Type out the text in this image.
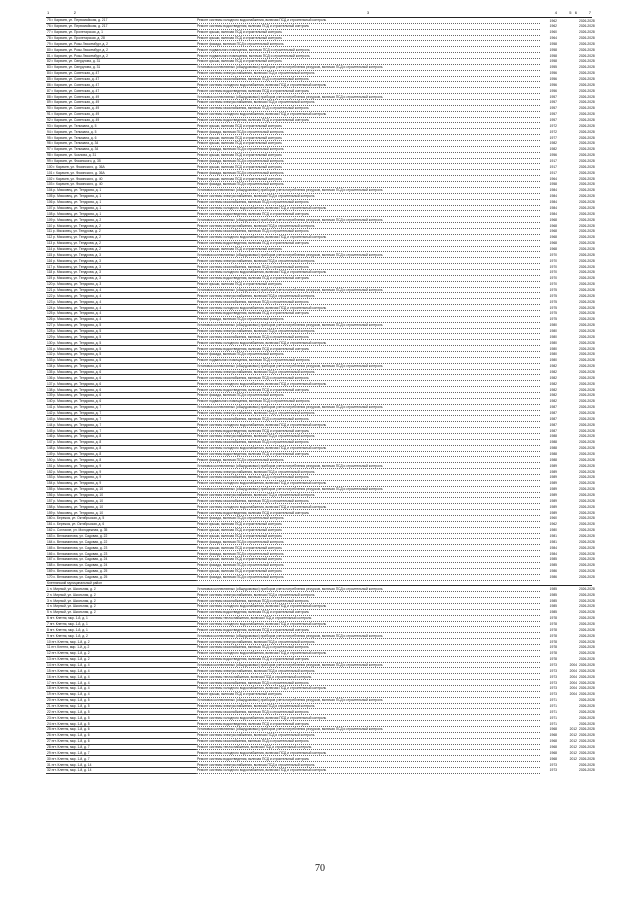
1 2	3	4	5 6	7
75 г. Карачев, ул. Первомайская, д. 217	Ремонт системы холодного водоснабжения, включая ПСД и строительный контроль	1962		2026-2028
76 г. Карачев, ул. Первомайская, д. 217	Ремонт системы водоотведения, включая ПСД и строительный контроль	1962		2026-2028
77 г. Карачев, ул. Пролетарская, д. 1	Ремонт крыши, включая ПСД и строительный контроль	1960		2026-2028
78 г. Карачев, ул. Пролетарская, д. 28	Ремонт крыши, включая ПСД и строительный контроль	1964		2026-2028
79 г. Карачев, ул. Розы Люксембург, д. 2	Ремонт фасада, включая ПСД и строительный контроль	1958		2026-2028
80 г. Карачев, ул. Розы Люксембург, д. 2	Ремонт подвального помещения, включая ПСД и строительный контроль	1958		2026-2028
81 г. Карачев, ул. Розы Люксембург, д. 2	Ремонт подвального помещения, включая ПСД и строительный контроль	1958		2026-2028
82 г. Карачев, ул. Свердлова, д. 31	Ремонт крыши, включая ПСД и строительный контроль	1958		2026-2028
83 г. Карачев, ул. Свердлова, д. 31	Установка коллективных (общедомовых) приборов учета потребления ресурсов, включая ПСД и строительный контроль	1955		2026-2028
84 г. Карачев, ул. Советская, д. 47	Ремонт системы электроснабжения, включая ПСД и строительный контроль	1956		2026-2028
85 г. Карачев, ул. Советская, д. 47	Ремонт системы газоснабжения, включая ПСД и строительный контроль	1956		2026-2028
86 г. Карачев, ул. Советская, д. 47	Ремонт системы холодного водоснабжения, включая ПСД и строительный контроль	1956		2026-2028
87 г. Карачев, ул. Советская, д. 47	Ремонт системы водоотведения, включая ПСД и строительный контроль	1956		2026-2028
88 г. Карачев, ул. Советская, д. 49	Установка коллективных (общедомовых) приборов учета потребления ресурсов, включая ПСД и строительный контроль	1957		2026-2028
89 г. Карачев, ул. Советская, д. 49	Ремонт системы электроснабжения, включая ПСД и строительный контроль	1957		2026-2028
90 г. Карачев, ул. Советская, д. 49	Ремонт системы газоснабжения, включая ПСД и строительный контроль	1957		2026-2028
91 г. Карачев, ул. Советская, д. 49	Ремонт системы холодного водоснабжения, включая ПСД и строительный контроль	1957		2026-2028
92 г. Карачев, ул. Советская, д. 49	Ремонт системы водоотведения, включая ПСД и строительный контроль	1957		2026-2028
93 г. Карачев, ул. Тельмана, д. 5	Ремонт крыши, включая ПСД и строительный контроль	1972		2026-2028
94 г. Карачев, ул. Тельмана, д. 5	Ремонт фасада, включая ПСД и строительный контроль	1972		2026-2028
95 г. Карачев, ул. Тельмана, д. 6	Ремонт крыши, включая ПСД и строительный контроль	1977		2026-2028
96 г. Карачев, ул. Тельмана, д. 34	Ремонт крыши, включая ПСД и строительный контроль	1982		2026-2028
97 г. Карачев, ул. Тельмана, д. 34	Ремонт фасада, включая ПСД и строительный контроль	1982		2026-2028
98 г. Карачев, ул. Чкалова, д. 31	Ремонт крыши, включая ПСД и строительный контроль	1956		2026-2028
99 г. Карачев, ул. Фокинского, д. 35	Ремонт фасада, включая ПСД и строительный контроль	1917		2026-2028
100 г. Карачев, ул. Фокинского, д. 36А	Ремонт крыши, включая ПСД и строительный контроль	1917		2026-2028
101 г. Карачев, ул. Фокинского, д. 36А	Ремонт фасада, включая ПСД и строительный контроль	1917		2026-2028
102 г. Карачев, ул. Фокинского, д. 40	Ремонт крыши, включая ПСД и строительный контроль	1964		2026-2028
103 г. Карачев, ул. Фокинского, д. 40	Ремонт фасада, включая ПСД и строительный контроль	1958		2026-2028
104 р. Мясковец, ул. Тендрова, д. 1	Установка коллективных (общедомовых) приборов учета потребления ресурсов, включая ПСД и строительный контроль	1984		2026-2028
105 р. Мясковец, ул. Тендрова, д. 1	Ремонт системы электроснабжения, включая ПСД и строительный контроль	1984		2026-2028
106 р. Мясковец, ул. Тендрова, д. 1	Ремонт системы газоснабжения, включая ПСД и строительный контроль	1984		2026-2028
107 р. Мясковец, ул. Тендрова, д. 1	Ремонт системы холодного водоснабжения, включая ПСД и строительный контроль	1984		2026-2028
108 р. Мясковец, ул. Тендрова, д. 1	Ремонт системы водоотведения, включая ПСД и строительный контроль	1984		2026-2028
109 р. Мясковец, ул. Тендрова, д. 2	Установка коллективных (общедомовых) приборов учета потребления ресурсов, включая ПСД и строительный контроль	1968		2026-2028
110 р. Мясковец, ул. Тендрова, д. 2	Ремонт системы электроснабжения, включая ПСД и строительный контроль	1968		2026-2028
111 р. Мясковец, ул. Тендрова, д. 2	Ремонт системы газоснабжения, включая ПСД и строительный контроль	1968		2026-2028
112 р. Мясковец, ул. Тендрова, д. 2	Ремонт системы холодного водоснабжения, включая ПСД и строительный контроль	1968		2026-2028
113 р. Мясковец, ул. Тендрова, д. 2	Ремонт системы водоотведения, включая ПСД и строительный контроль	1968		2026-2028
114 р. Мясковец, ул. Тендрова, д. 2	Ремонт крыши, включая ПСД и строительный контроль	1968		2026-2028
115 р. Мясковец, ул. Тендрова, д. 3	Установка коллективных (общедомовых) приборов учета потребления ресурсов, включая ПСД и строительный контроль	1970		2026-2028
116 р. Мясковец, ул. Тендрова, д. 3	Ремонт системы электроснабжения, включая ПСД и строительный контроль	1970		2026-2028
117 р. Мясковец, ул. Тендрова, д. 3	Ремонт системы газоснабжения, включая ПСД и строительный контроль	1970		2026-2028
118 р. Мясковец, ул. Тендрова, д. 3	Ремонт системы холодного водоснабжения, включая ПСД и строительный контроль	1970		2026-2028
119 р. Мясковец, ул. Тендрова, д. 3	Ремонт системы водоотведения, включая ПСД и строительный контроль	1970		2026-2028
120 р. Мясковец, ул. Тендрова, д. 3	Ремонт крыши, включая ПСД и строительный контроль	1970		2026-2028
121 р. Мясковец, ул. Тендрова, д. 4	Установка коллективных (общедомовых) приборов учета потребления ресурсов, включая ПСД и строительный контроль	1975		2026-2028
122 р. Мясковец, ул. Тендрова, д. 4	Ремонт системы электроснабжения, включая ПСД и строительный контроль	1975		2026-2028
123 р. Мясковец, ул. Тендрова, д. 4	Ремонт системы газоснабжения, включая ПСД и строительный контроль	1975		2026-2028
124 р. Мясковец, ул. Тендрова, д. 4	Ремонт системы холодного водоснабжения, включая ПСД и строительный контроль	1975		2026-2028
125 р. Мясковец, ул. Тендрова, д. 4	Ремонт системы водоотведения, включая ПСД и строительный контроль	1975		2026-2028
126 р. Мясковец, ул. Тендрова, д. 4	Ремонт фасада, включая ПСД и строительный контроль	1975		2026-2028
127 р. Мясковец, ул. Тендрова, д. 5	Установка коллективных (общедомовых) приборов учета потребления ресурсов, включая ПСД и строительный контроль	1980		2026-2028
128 р. Мясковец, ул. Тендрова, д. 5	Ремонт системы электроснабжения, включая ПСД и строительный контроль	1980		2026-2028
129 р. Мясковец, ул. Тендрова, д. 5	Ремонт системы газоснабжения, включая ПСД и строительный контроль	1980		2026-2028
130 р. Мясковец, ул. Тендрова, д. 5	Ремонт системы холодного водоснабжения, включая ПСД и строительный контроль	1980		2026-2028
131 р. Мясковец, ул. Тендрова, д. 5	Ремонт системы водоотведения, включая ПСД и строительный контроль	1980		2026-2028
132 р. Мясковец, ул. Тендрова, д. 5	Ремонт фасада, включая ПСД и строительный контроль	1980		2026-2028
133 р. Мясковец, ул. Тендрова, д. 5	Ремонт подвального помещения, включая ПСД и строительный контроль	1980		2026-2028
134 р. Мясковец, ул. Тендрова, д. 6	Установка коллективных (общедомовых) приборов учета потребления ресурсов, включая ПСД и строительный контроль	1982		2026-2028
135 р. Мясковец, ул. Тендрова, д. 6	Ремонт системы электроснабжения, включая ПСД и строительный контроль	1982		2026-2028
136 р. Мясковец, ул. Тендрова, д. 6	Ремонт системы газоснабжения, включая ПСД и строительный контроль	1982		2026-2028
137 р. Мясковец, ул. Тендрова, д. 6	Ремонт системы холодного водоснабжения, включая ПСД и строительный контроль	1982		2026-2028
138 р. Мясковец, ул. Тендрова, д. 6	Ремонт системы водоотведения, включая ПСД и строительный контроль	1982		2026-2028
139 р. Мясковец, ул. Тендрова, д. 6	Ремонт фасада, включая ПСД и строительный контроль	1982		2026-2028
140 р. Мясковец, ул. Тендрова, д. 6	Ремонт подвального помещения, включая ПСД и строительный контроль	1982		2026-2028
141 р. Мясковец, ул. Тендрова, д. 7	Установка коллективных (общедомовых) приборов учета потребления ресурсов, включая ПСД и строительный контроль	1987		2026-2028
142 р. Мясковец, ул. Тендрова, д. 7	Ремонт системы электроснабжения, включая ПСД и строительный контроль	1987		2026-2028
143 р. Мясковец, ул. Тендрова, д. 7	Ремонт системы газоснабжения, включая ПСД и строительный контроль	1987		2026-2028
144 р. Мясковец, ул. Тендрова, д. 7	Ремонт системы холодного водоснабжения, включая ПСД и строительный контроль	1987		2026-2028
145 р. Мясковец, ул. Тендрова, д. 7	Ремонт системы водоотведения, включая ПСД и строительный контроль	1987		2026-2028
146 р. Мясковец, ул. Тендрова, д. 8	Ремонт системы электроснабжения, включая ПСД и строительный контроль	1988		2026-2028
147 р. Мясковец, ул. Тендрова, д. 8	Ремонт системы газоснабжения, включая ПСД и строительный контроль	1988		2026-2028
148 р. Мясковец, ул. Тендрова, д. 8	Ремонт системы холодного водоснабжения, включая ПСД и строительный контроль	1988		2026-2028
149 р. Мясковец, ул. Тендрова, д. 8	Ремонт системы водоотведения, включая ПСД и строительный контроль	1988		2026-2028
150 р. Мясковец, ул. Тендрова, д. 8	Ремонт фасада, включая ПСД и строительный контроль	1988		2026-2028
151 р. Мясковец, ул. Тендрова, д. 9	Установка коллективных (общедомовых) приборов учета потребления ресурсов, включая ПСД и строительный контроль	1989		2026-2028
152 р. Мясковец, ул. Тендрова, д. 9	Ремонт системы электроснабжения, включая ПСД и строительный контроль	1989		2026-2028
153 р. Мясковец, ул. Тендрова, д. 9	Ремонт системы газоснабжения, включая ПСД и строительный контроль	1989		2026-2028
154 р. Мясковец, ул. Тендрова, д. 9	Ремонт системы холодного водоснабжения, включая ПСД и строительный контроль	1989		2026-2028
155 р. Мясковец, ул. Тендрова, д. 10	Установка коллективных (общедомовых) приборов учета потребления ресурсов, включая ПСД и строительный контроль	1989		2026-2028
156 р. Мясковец, ул. Тендрова, д. 10	Ремонт системы электроснабжения, включая ПСД и строительный контроль	1989		2026-2028
157 р. Мясковец, ул. Тендрова, д. 10	Ремонт системы газоснабжения, включая ПСД и строительный контроль	1989		2026-2028
158 р. Мясковец, ул. Тендрова, д. 10	Ремонт системы холодного водоснабжения, включая ПСД и строительный контроль	1989		2026-2028
159 р. Мясковец, ул. Тендрова, д. 10	Ремонт системы водоотведения, включая ПСД и строительный контроль	1989		2026-2028
160 с. Бережок, ул. Октябрьская, д. 5	Ремонт фасада, включая ПСД и строительный контроль	1960		2026-2028
161 с. Бережок, ул. Октябрьская, д. 6	Ремонт крыши, включая ПСД и строительный контроль	1962		2026-2028
162 с. Согласие, ул. Молодежная, д. 35	Ремонт крыши, включая ПСД и строительный контроль	1980		2026-2028
163 с. Вельяминова, ул. Садовая, д. 22	Ремонт крыши, включая ПСД и строительный контроль	1981		2026-2028
164 с. Вельяминова, ул. Садовая, д. 22	Ремонт фасада, включая ПСД и строительный контроль	1981		2026-2028
165 с. Вельяминова, ул. Садовая, д. 23	Ремонт крыши, включая ПСД и строительный контроль	1984		2026-2028
166 с. Вельяминова, ул. Садовая, д. 23	Ремонт фасада, включая ПСД и строительный контроль	1984		2026-2028
167 с. Вельяминова, ул. Садовая, д. 24	Ремонт крыши, включая ПСД и строительный контроль	1985		2026-2028
168 с. Вельяминова, ул. Садовая, д. 24	Ремонт фасада, включая ПСД и строительный контроль	1985		2026-2028
169 с. Вельяминова, ул. Садовая, д. 25	Ремонт крыши, включая ПСД и строительный контроль	1986		2026-2028
170 с. Вельяминова, ул. Садовая, д. 25	Ремонт фасада, включая ПСД и строительный контроль	1986		2026-2028
Клетнянский муниципальный район				
1 п. Мирный, ул. Школьная, д. 2	Установка коллективных (общедомовых) приборов учета потребления ресурсов, включая ПСД и строительный контроль	1985		2026-2028
2 п. Мирный, ул. Школьная, д. 2	Ремонт системы электроснабжения, включая ПСД и строительный контроль	1985		2026-2028
3 п. Мирный, ул. Школьная, д. 2	Ремонт системы газоснабжения, включая ПСД и строительный контроль	1985		2026-2028
4 п. Мирный, ул. Школьная, д. 2	Ремонт системы холодного водоснабжения, включая ПСД и строительный контроль	1985		2026-2028
5 п. Мирный, ул. Школьная, д. 2	Ремонт системы водоотведения, включая ПСД и строительный контроль	1985		2026-2028
6 пгт. Клетня, мкр. 1-й, д. 1	Ремонт системы теплоснабжения, включая ПСД и строительный контроль	1978		2026-2028
7 пгт. Клетня, мкр. 1-й, д. 1	Ремонт системы холодного водоснабжения, включая ПСД и строительный контроль	1978		2026-2028
8 пгт. Клетня, мкр. 1-й, д. 1	Ремонт системы водоотведения, включая ПСД и строительный контроль	1978		2026-2028
9 пгт. Клетня, мкр. 1-й, д. 2	Установка коллективных (общедомовых) приборов учета потребления ресурсов, включая ПСД и строительный контроль	1978		2026-2028
10 пгт. Клетня, мкр. 1-й, д. 2	Ремонт системы электроснабжения, включая ПСД и строительный контроль	1978		2026-2028
11 пгт. Клетня, мкр. 1-й, д. 2	Ремонт системы газоснабжения, включая ПСД и строительный контроль	1978		2026-2028
12 пгт. Клетня, мкр. 1-й, д. 2	Ремонт системы холодного водоснабжения, включая ПСД и строительный контроль	1978		2026-2028
13 пгт. Клетня, мкр. 1-й, д. 2	Ремонт системы водоотведения, включая ПСД и строительный контроль	1978		2026-2028
14 пгт. Клетня, мкр. 1-й, д. 4	Установка коллективных (общедомовых) приборов учета потребления ресурсов, включая ПСД и строительный контроль	1973	2004	2026-2028
15 пгт. Клетня, мкр. 1-й, д. 4	Ремонт системы электроснабжения, включая ПСД и строительный контроль	1973	2004	2026-2028
16 пгт. Клетня, мкр. 1-й, д. 4	Ремонт системы теплоснабжения, включая ПСД и строительный контроль	1973	2004	2026-2028
17 пгт. Клетня, мкр. 1-й, д. 4	Ремонт системы газоснабжения, включая ПСД и строительный контроль	1973	2004	2026-2028
18 пгт. Клетня, мкр. 1-й, д. 4	Ремонт системы холодного водоснабжения, включая ПСД и строительный контроль	1973	2004	2026-2028
19 пгт. Клетня, мкр. 1-й, д. 4	Ремонт крыши, включая ПСД и строительный контроль	1973	2004	2026-2028
20 пгт. Клетня, мкр. 1-й, д. 5	Установка коллективных (общедомовых) приборов учета потребления ресурсов, включая ПСД и строительный контроль	1971		2026-2028
21 пгт. Клетня, мкр. 1-й, д. 5	Ремонт системы электроснабжения, включая ПСД и строительный контроль	1971		2026-2028
22 пгт. Клетня, мкр. 1-й, д. 5	Ремонт системы газоснабжения, включая ПСД и строительный контроль	1971		2026-2028
23 пгт. Клетня, мкр. 1-й, д. 5	Ремонт системы холодного водоснабжения, включая ПСД и строительный контроль	1971		2026-2028
24 пгт. Клетня, мкр. 1-й, д. 5	Ремонт системы водоотведения, включая ПСД и строительный контроль	1971		2026-2028
25 пгт. Клетня, мкр. 1-й, д. 6	Установка коллективных (общедомовых) приборов учета потребления ресурсов, включая ПСД и строительный контроль	1968	2012	2026-2028
26 пгт. Клетня, мкр. 1-й, д. 6	Ремонт системы электроснабжения, включая ПСД и строительный контроль	1968	2012	2026-2028
27 пгт. Клетня, мкр. 1-й, д. 6	Ремонт системы газоснабжения, включая ПСД и строительный контроль	1968	2012	2026-2028
28 пгт. Клетня, мкр. 1-й, д. 7	Ремонт системы теплоснабжения, включая ПСД и строительный контроль	1968	2012	2026-2028
29 пгт. Клетня, мкр. 1-й, д. 7	Ремонт системы холодного водоснабжения, включая ПСД и строительный контроль	1968	2012	2026-2028
30 пгт. Клетня, мкр. 1-й, д. 7	Ремонт системы водоотведения, включая ПСД и строительный контроль	1968	2012	2026-2028
31 пгт. Клетня, мкр. 1-й, д. 14	Ремонт системы электроснабжения, включая ПСД и строительный контроль	1973		2026-2028
32 пгт. Клетня, мкр. 1-й, д. 14	Ремонт системы холодного водоснабжения, включая ПСД и строительный контроль	1973		2026-2028
70
